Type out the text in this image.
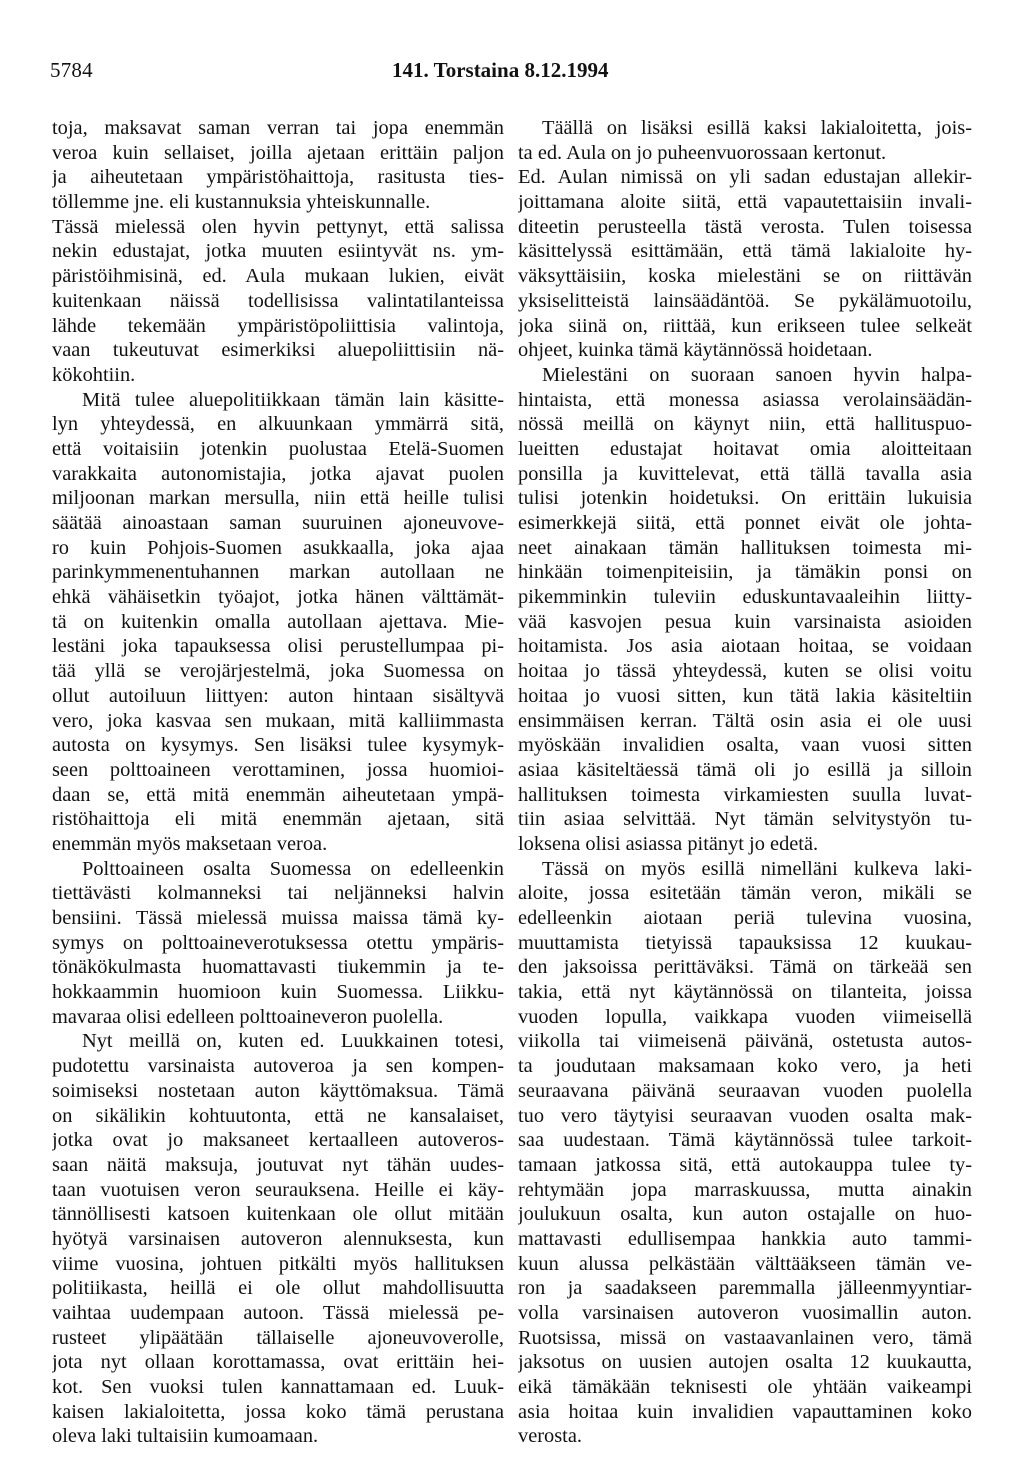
5784	141. Torstaina 8.12.1994
toja, maksavat saman verran tai jopa enemmän
veroa kuin sellaiset, joilla ajetaan erittäin paljon
ja aiheutetaan ympäristöhaittoja, rasitusta ties-
töllemme jne. eli kustannuksia yhteiskunnalle.
Tässä mielessä olen hyvin pettynyt, että salissa
nekin edustajat, jotka muuten esiintyvät ns. ym-
päristöihmisinä, ed. Aula mukaan lukien, eivät
kuitenkaan näissä todellisissa valintatilanteissa
lähde tekemään ympäristöpoliittisia valintoja,
vaan tukeutuvat esimerkiksi aluepoliittisiin nä-
kökohtiin.
Mitä tulee aluepolitiikkaan tämän lain käsitte-
lyn yhteydessä, en alkuunkaan ymmärrä sitä,
että voitaisiin jotenkin puolustaa Etelä-Suomen
varakkaita autonomistajia, jotka ajavat puolen
miljoonan markan mersulla, niin että heille tulisi
säätää ainoastaan saman suuruinen ajoneuvove-
ro kuin Pohjois-Suomen asukkaalla, joka ajaa
parinkymmenentuhannen markan autollaan ne
ehkä vähäisetkin työajot, jotka hänen välttämät-
tä on kuitenkin omalla autollaan ajettava. Mie-
lestäni joka tapauksessa olisi perustellumpaa pi-
tää yllä se verojärjestelmä, joka Suomessa on
ollut autoiluun liittyen: auton hintaan sisältyvä
vero, joka kasvaa sen mukaan, mitä kalliimmasta
autosta on kysymys. Sen lisäksi tulee kysymyk-
seen polttoaineen verottaminen, jossa huomioi-
daan se, että mitä enemmän aiheutetaan ympä-
ristöhaittoja eli mitä enemmän ajetaan, sitä
enemmän myös maksetaan veroa.
Polttoaineen osalta Suomessa on edelleenkin
tiettävästi kolmanneksi tai neljänneksi halvin
bensiini. Tässä mielessä muissa maissa tämä ky-
symys on polttoaineverotuksessa otettu ympäris-
tönäkökulmasta huomattavasti tiukemmin ja te-
hokkaammin huomioon kuin Suomessa. Liikku-
mavaraa olisi edelleen polttoaineveron puolella.
Nyt meillä on, kuten ed. Luukkainen totesi,
pudotettu varsinaista autoveroa ja sen kompen-
soimiseksi nostetaan auton käyttömaksua. Tämä
on sikälikin kohtuutonta, että ne kansalaiset,
jotka ovat jo maksaneet kertaalleen autoveros-
saan näitä maksuja, joutuvat nyt tähän uudes-
taan vuotuisen veron seurauksena. Heille ei käy-
tännöllisesti katsoen kuitenkaan ole ollut mitään
hyötyä varsinaisen autoveron alennuksesta, kun
viime vuosina, johtuen pitkälti myös hallituksen
politiikasta, heillä ei ole ollut mahdollisuutta
vaihtaa uudempaan autoon. Tässä mielessä pe-
rusteet ylipäätään tällaiselle ajoneuvoverolle,
jota nyt ollaan korottamassa, ovat erittäin hei-
kot. Sen vuoksi tulen kannattamaan ed. Luuk-
kaisen lakialoitetta, jossa koko tämä perustana
oleva laki tultaisiin kumoamaan.
Täällä on lisäksi esillä kaksi lakialoitetta, jois-
ta ed. Aula on jo puheenvuorossaan kertonut.
Ed. Aulan nimissä on yli sadan edustajan allekir-
joittamana aloite siitä, että vapautettaisiin invali-
diteetin perusteella tästä verosta. Tulen toisessa
käsittelyssä esittämään, että tämä lakialoite hy-
väksyttäisiin, koska mielestäni se on riittävän
yksiselitteistä lainsäädäntöä. Se pykälämuotoilu,
joka siinä on, riittää, kun erikseen tulee selkeät
ohjeet, kuinka tämä käytännössä hoidetaan.
Mielestäni on suoraan sanoen hyvin halpa-
hintaista, että monessa asiassa verolainsäädän-
nössä meillä on käynyt niin, että hallituspuo-
lueitten edustajat hoitavat omia aloitteitaan
ponsilla ja kuvittelevat, että tällä tavalla asia
tulisi jotenkin hoidetuksi. On erittäin lukuisia
esimerkkejä siitä, että ponnet eivät ole johta-
neet ainakaan tämän hallituksen toimesta mi-
hinkään toimenpiteisiin, ja tämäkin ponsi on
pikemminkin tuleviin eduskuntavaaleihin liitty-
vää kasvojen pesua kuin varsinaista asioiden
hoitamista. Jos asia aiotaan hoitaa, se voidaan
hoitaa jo tässä yhteydessä, kuten se olisi voitu
hoitaa jo vuosi sitten, kun tätä lakia käsiteltiin
ensimmäisen kerran. Tältä osin asia ei ole uusi
myöskään invalidien osalta, vaan vuosi sitten
asiaa käsiteltäessä tämä oli jo esillä ja silloin
hallituksen toimesta virkamiesten suulla luvat-
tiin asiaa selvittää. Nyt tämän selvitystyön tu-
loksena olisi asiassa pitänyt jo edetä.
Tässä on myös esillä nimelläni kulkeva laki-
aloite, jossa esitetään tämän veron, mikäli se
edelleenkin aiotaan periä tulevina vuosina,
muuttamista tietyissä tapauksissa 12 kuukau-
den jaksoissa perittäväksi. Tämä on tärkeää sen
takia, että nyt käytännössä on tilanteita, joissa
vuoden lopulla, vaikkapa vuoden viimeisellä
viikolla tai viimeisenä päivänä, ostetusta autos-
ta joudutaan maksamaan koko vero, ja heti
seuraavana päivänä seuraavan vuoden puolella
tuo vero täytyisi seuraavan vuoden osalta mak-
saa uudestaan. Tämä käytännössä tulee tarkoit-
tamaan jatkossa sitä, että autokauppa tulee ty-
rehtymään jopa marraskuussa, mutta ainakin
joulukuun osalta, kun auton ostajalle on huo-
mattavasti edullisempaa hankkia auto tammi-
kuun alussa pelkästään välttääkseen tämän ve-
ron ja saadakseen paremmalla jälleenmyyntiar-
volla varsinaisen autoveron vuosimallin auton.
Ruotsissa, missä on vastaavanlainen vero, tämä
jaksotus on uusien autojen osalta 12 kuukautta,
eikä tämäkään teknisesti ole yhtään vaikeampi
asia hoitaa kuin invalidien vapauttaminen koko
verosta.
